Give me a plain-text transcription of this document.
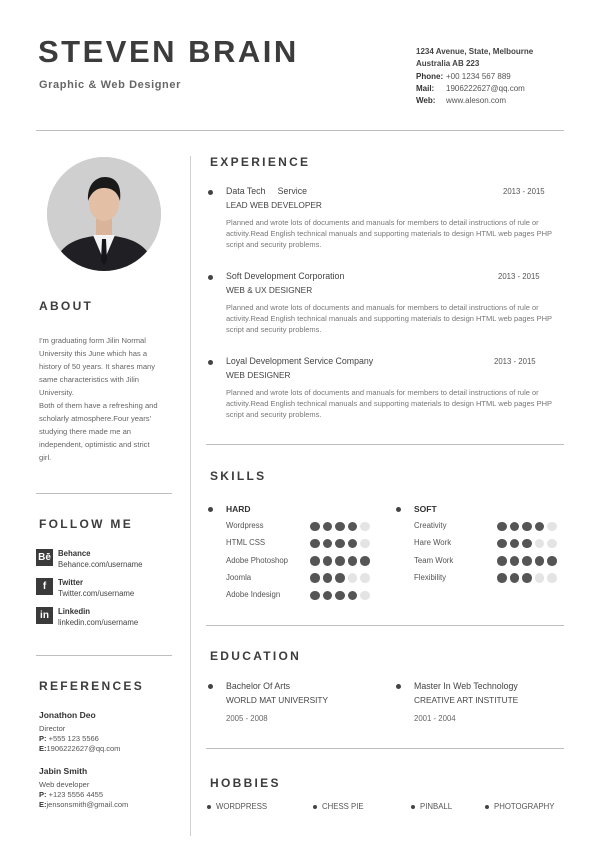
STEVEN BRAIN
Graphic & Web Designer
1234 Avenue, State, Melbourne
Australia AB 223
Phone: +00 1234 567 889
Mail: 1906222627@qq.com
Web: www.aleson.com
ABOUT
I'm graduating form Jilin Normal
University this June which has a
history of 50 years. It shares many
same characteristics with Jilin
University.
Both of them have a refreshing and
scholarly atmosphere.Four years'
studying there made me an
independent, optimistic and strict
girl.
FOLLOW ME
Bē Behance
Behance.com/username
f	Twitter
Twitter.com/username
in	Linkedin
linkedin.com/username
REFERENCES
Jonathon Deo
Director
P: +555 123 5566
E:1906222627@qq.com
Jabin Smith
Web developer
P: +123 5556 4455
E:jensonsmith@gmail.com
EXPERIENCE
Data Tech     Service	2013 - 2015
LEAD WEB DEVELOPER
Planned and wrote lots of documents and manuals for members to detail instructions of rule or activity.Read English technical manuals and supporting materials to design HTML web pages PHP script and security problems.
Soft Development Corporation	2013 - 2015
WEB & UX DESIGNER
Planned and wrote lots of documents and manuals for members to detail instructions of rule or activity.Read English technical manuals and supporting materials to design HTML web pages PHP script and security problems.
Loyal Development Service Company	2013 - 2015
WEB DESIGNER
Planned and wrote lots of documents and manuals for members to detail instructions of rule or activity.Read English technical manuals and supporting materials to design HTML web pages PHP script and security problems.
SKILLS
HARD	SOFT
Wordpress
HTML CSS
Adobe Photoshop
Joomla
Adobe Indesign
Creativity
Hare Work
Team Work
Flexibility
EDUCATION
Bachelor Of Arts
WORLD MAT UNIVERSITY
2005 - 2008
Master In Web Technology
CREATIVE ART INSTITUTE
2001 - 2004
HOBBIES
WORDPRESS	CHESS PIE	PINBALL	PHOTOGRAPHY
